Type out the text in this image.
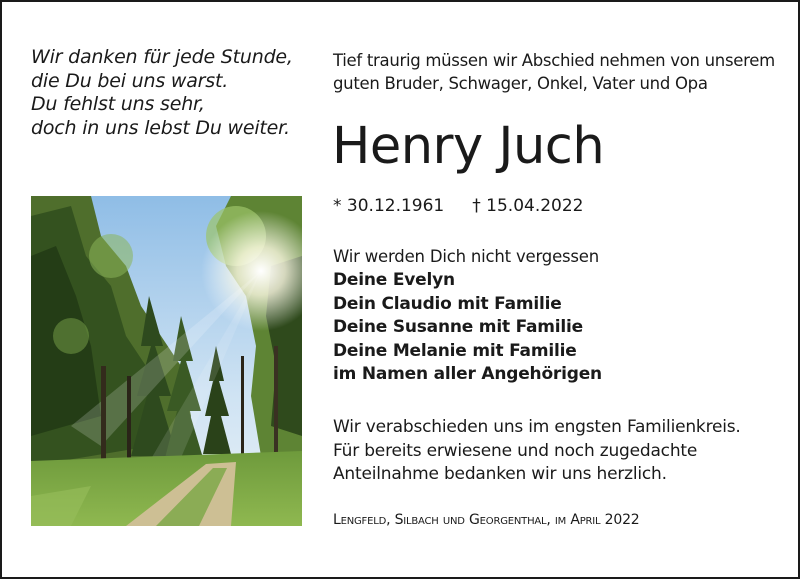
Wir danken für jede Stunde,
die Du bei uns warst.
Du fehlst uns sehr,
doch in uns lebst Du weiter.
Tief traurig müssen wir Abschied nehmen von unserem
guten Bruder, Schwager, Onkel, Vater und Opa
Henry Juch
* 30.12.1961 † 15.04.2022
Wir werden Dich nicht vergessen
Deine Evelyn
Dein Claudio mit Familie
Deine Susanne mit Familie
Deine Melanie mit Familie
im Namen aller Angehörigen
Wir verabschieden uns im engsten Familienkreis.
Für bereits erwiesene und noch zugedachte
Anteilnahme bedanken wir uns herzlich.
Lengfeld, Silbach und Georgenthal, im April 2022
